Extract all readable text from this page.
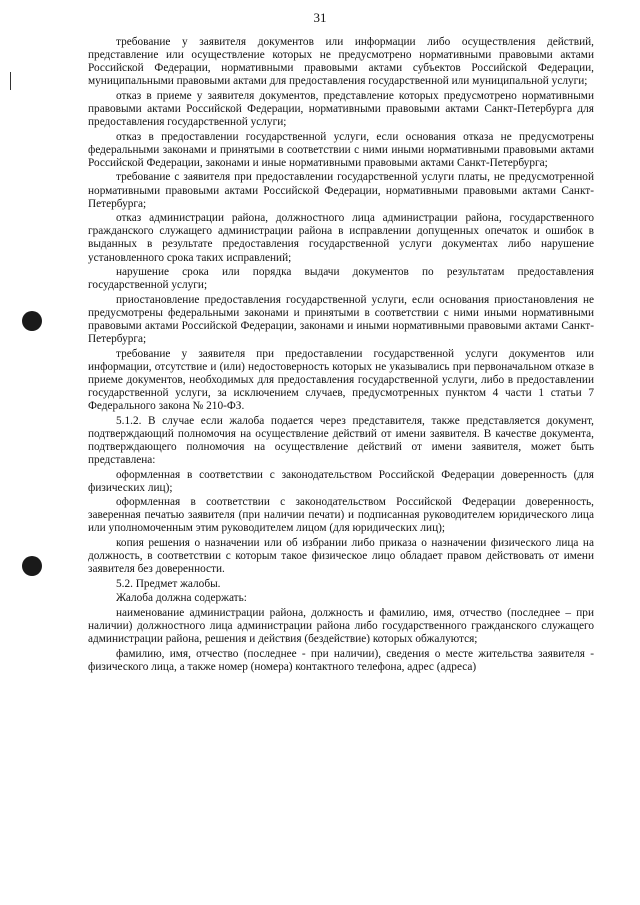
31

требование у заявителя документов или информации либо осуществления действий, представление или осуществление которых не предусмотрено нормативными правовыми актами Российской Федерации, нормативными правовыми актами субъектов Российской Федерации, муниципальными правовыми актами для предоставления государственной или муниципальной услуги;

отказ в приеме у заявителя документов, представление которых предусмотрено нормативными правовыми актами Российской Федерации, нормативными правовыми актами Санкт-Петербурга для предоставления государственной услуги;

отказ в предоставлении государственной услуги, если основания отказа не предусмотрены федеральными законами и принятыми в соответствии с ними иными нормативными правовыми актами Российской Федерации, законами и иные нормативными правовыми актами Санкт-Петербурга;

требование с заявителя при предоставлении государственной услуги платы, не предусмотренной нормативными правовыми актами Российской Федерации, нормативными правовыми актами Санкт-Петербурга;

отказ администрации района, должностного лица администрации района, государственного гражданского служащего администрации района в исправлении допущенных опечаток и ошибок в выданных в результате предоставления государственной услуги документах либо нарушение установленного срока таких исправлений;

нарушение срока или порядка выдачи документов по результатам предоставления государственной услуги;

приостановление предоставления государственной услуги, если основания приостановления не предусмотрены федеральными законами и принятыми в соответствии с ними иными нормативными правовыми актами Российской Федерации, законами и иными нормативными правовыми актами Санкт-Петербурга;

требование у заявителя при предоставлении государственной услуги документов или информации, отсутствие и (или) недостоверность которых не указывались при первоначальном отказе в приеме документов, необходимых для предоставления государственной услуги, либо в предоставлении государственной услуги, за исключением случаев, предусмотренных пунктом 4 части 1 статьи 7 Федерального закона № 210-ФЗ.

5.1.2. В случае если жалоба подается через представителя, также представляется документ, подтверждающий полномочия на осуществление действий от имени заявителя. В качестве документа, подтверждающего полномочия на осуществление действий от имени заявителя, может быть представлена:

оформленная в соответствии с законодательством Российской Федерации доверенность (для физических лиц);

оформленная в соответствии с законодательством Российской Федерации доверенность, заверенная печатью заявителя (при наличии печати) и подписанная руководителем юридического лица или уполномоченным этим руководителем лицом (для юридических лиц);

копия решения о назначении или об избрании либо приказа о назначении физического лица на должность, в соответствии с которым такое физическое лицо обладает правом действовать от имени заявителя без доверенности.

5.2. Предмет жалобы.

Жалоба должна содержать:

наименование администрации района, должность и фамилию, имя, отчество (последнее – при наличии) должностного лица администрации района либо государственного гражданского служащего администрации района, решения и действия (бездействие) которых обжалуются;

фамилию, имя, отчество (последнее - при наличии), сведения о месте жительства заявителя - физического лица, а также номер (номера) контактного телефона, адрес (адреса)
